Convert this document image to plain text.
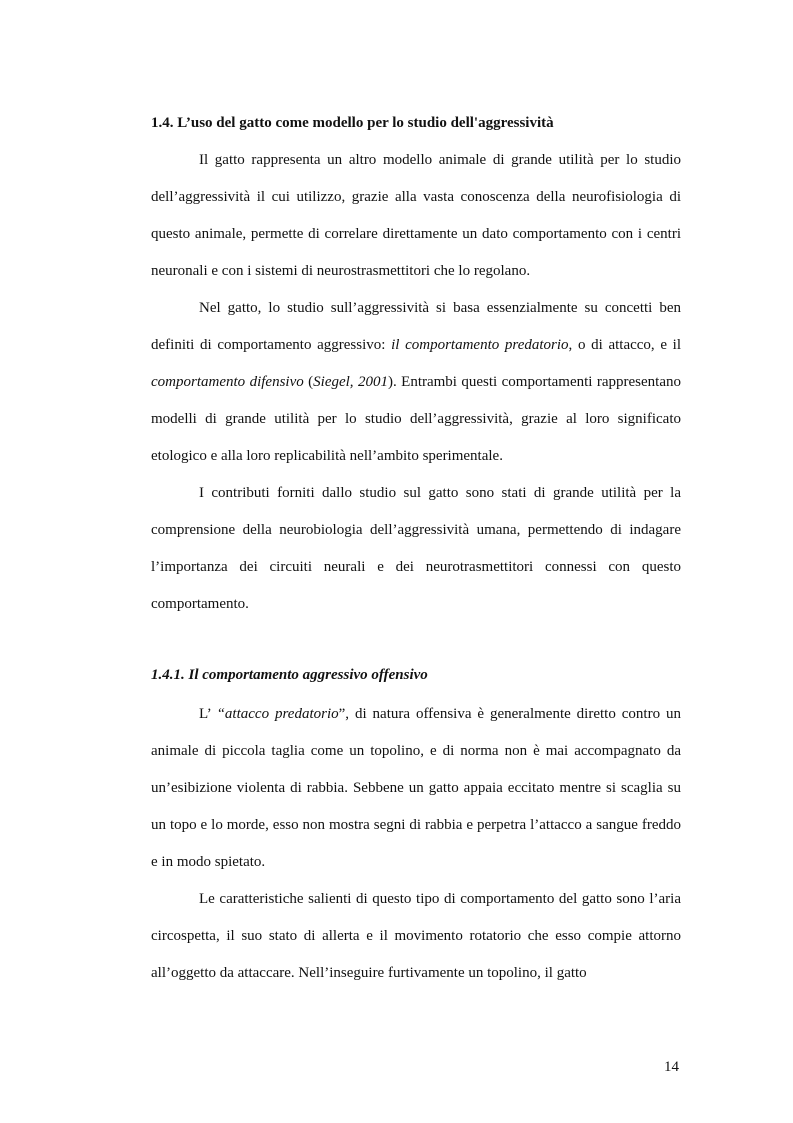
1.4. L’uso del gatto come modello per lo studio dell'aggressività

Il gatto rappresenta un altro modello animale di grande utilità per lo studio dell’aggressività il cui utilizzo, grazie alla vasta conoscenza della neurofisiologia di questo animale, permette di correlare direttamente un dato comportamento con i centri neuronali e con i sistemi di neurostrasmettitori che lo regolano.

Nel gatto, lo studio sull’aggressività si basa essenzialmente su concetti ben definiti di comportamento aggressivo: il comportamento predatorio, o di attacco, e il comportamento difensivo (Siegel, 2001). Entrambi questi comportamenti rappresentano modelli di grande utilità per lo studio dell’aggressività, grazie al loro significato etologico e alla loro replicabilità nell’ambito sperimentale.

I contributi forniti dallo studio sul gatto sono stati di grande utilità per la comprensione della neurobiologia dell’aggressività umana, permettendo di indagare l’importanza dei circuiti neurali e dei neurotrasmettitori connessi con questo comportamento.

1.4.1. Il comportamento aggressivo offensivo

L’ “attacco predatorio”, di natura offensiva è generalmente diretto contro un animale di piccola taglia come un topolino, e di norma non è mai accompagnato da un’esibizione violenta di rabbia. Sebbene un gatto appaia eccitato mentre si scaglia su un topo e lo morde, esso non mostra segni di rabbia e perpetra l’attacco a sangue freddo e in modo spietato.

Le caratteristiche salienti di questo tipo di comportamento del gatto sono l’aria circospetta, il suo stato di allerta e il movimento rotatorio che esso compie attorno all’oggetto da attaccare. Nell’inseguire furtivamente un topolino, il gatto

14
